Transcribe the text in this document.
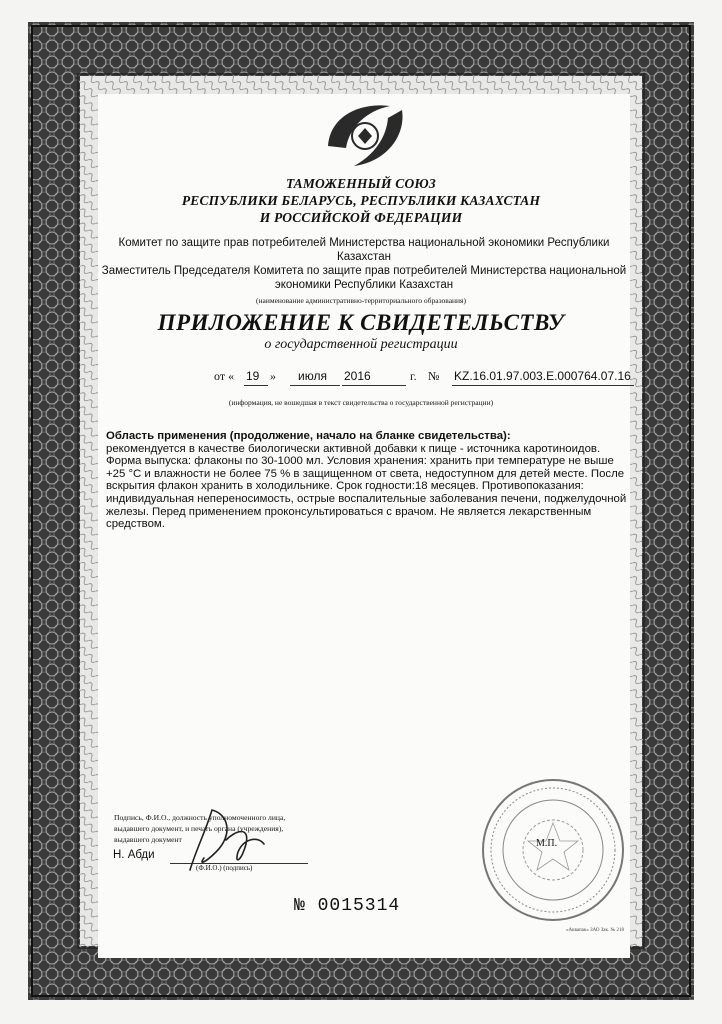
ТАМОЖЕННЫЙ СОЮЗ
РЕСПУБЛИКИ БЕЛАРУСЬ, РЕСПУБЛИКИ КАЗАХСТАН
И РОССИЙСКОЙ ФЕДЕРАЦИИ
Комитет по защите прав потребителей Министерства национальной экономики Республики
Казахстан
Заместитель Председателя Комитета по защите прав потребителей Министерства национальной
экономики Республики Казахстан
(наименование административно-территориального образования)
ПРИЛОЖЕНИЕ К СВИДЕТЕЛЬСТВУ
о государственной регистрации
от « 19 » июля 2016	г. № KZ.16.01.97.003.E.000764.07.16
(информация, не вошедшая в текст свидетельства о государственной регистрации)
Область применения (продолжение, начало на бланке свидетельства):
рекомендуется в качестве биологически активной добавки к пище - источника каротиноидов.
Форма выпуска: флаконы по 30-1000 мл. Условия хранения: хранить при температуре не выше
+25 °С и влажности не более 75 % в защищенном от света, недоступном для детей месте. После
вскрытия флакон хранить в холодильнике. Срок годности:18 месяцев. Противопоказания:
индивидуальная непереносимость, острые воспалительные заболевания печени, поджелудочной
железы. Перед применением проконсультироваться с врачом. Не является лекарственным
средством.
Подпись, Ф.И.О., должность уполномоченного лица,
выдавшего документ, и печать органа (учреждения),
выдавшего документ
Н. Абди
(Ф.И.О.) (подпись)
№ 0015314
М.П.
«Аквапак» ЗАО Зак. № 218
